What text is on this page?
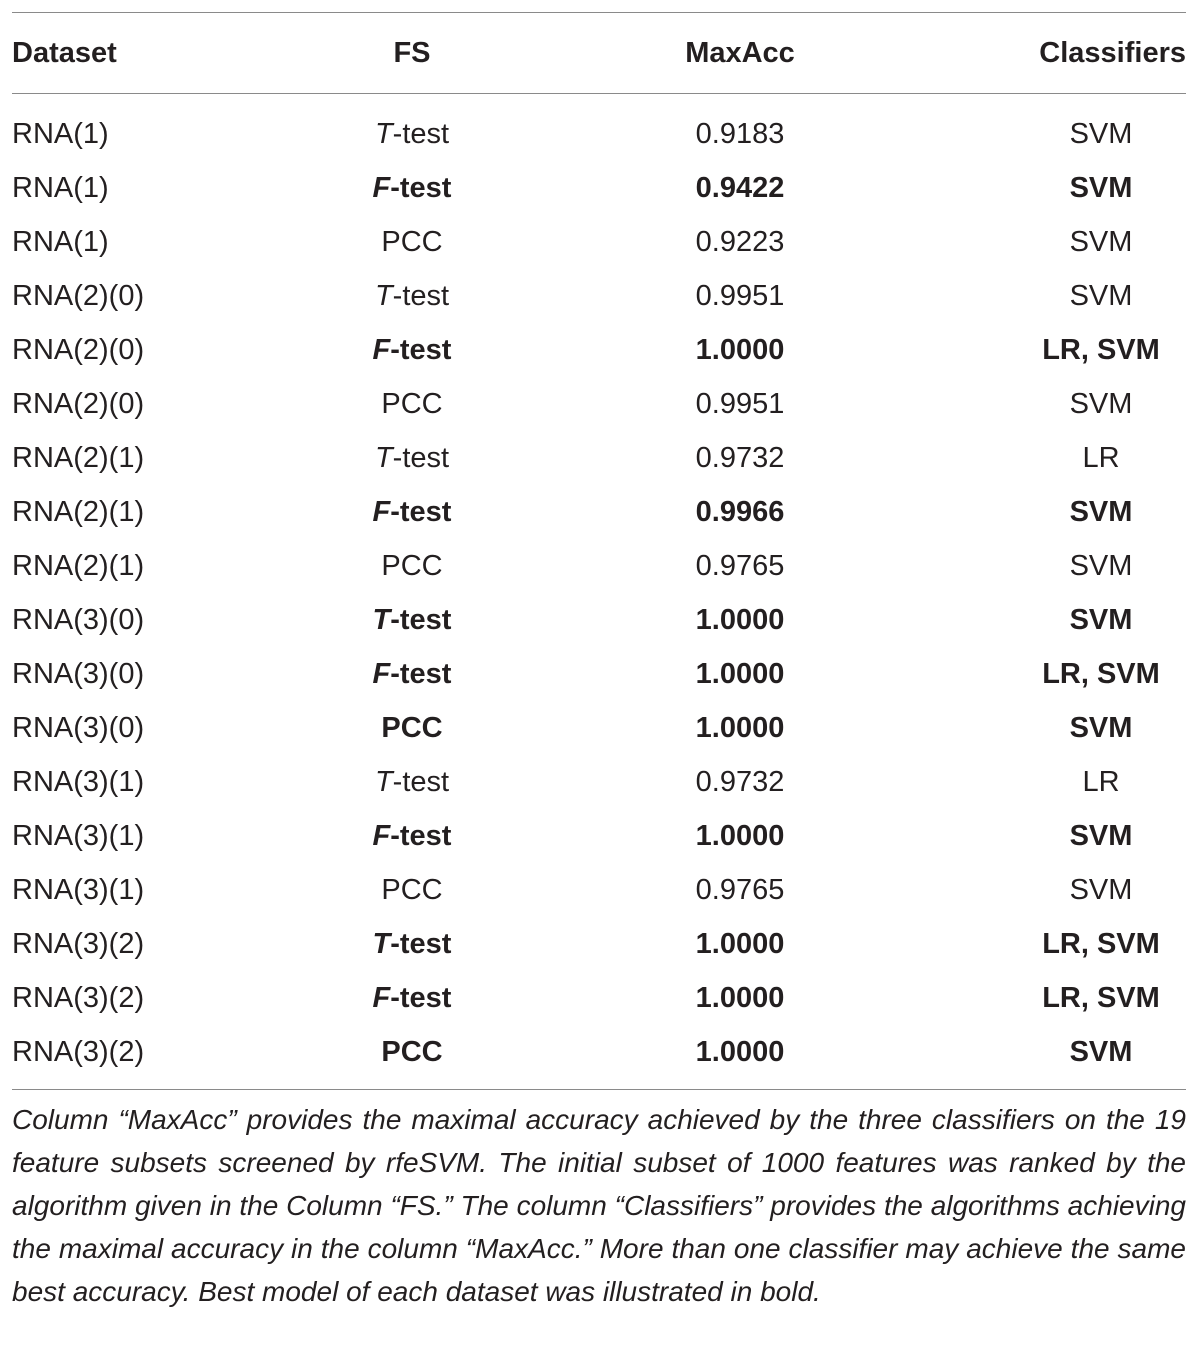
Dataset	FS	MaxAcc	Classifiers
RNA(1)	T-test	0.9183	SVM
RNA(1)	F-test	0.9422	SVM
RNA(1)	PCC	0.9223	SVM
RNA(2)(0)	T-test	0.9951	SVM
RNA(2)(0)	F-test	1.0000	LR, SVM
RNA(2)(0)	PCC	0.9951	SVM
RNA(2)(1)	T-test	0.9732	LR
RNA(2)(1)	F-test	0.9966	SVM
RNA(2)(1)	PCC	0.9765	SVM
RNA(3)(0)	T-test	1.0000	SVM
RNA(3)(0)	F-test	1.0000	LR, SVM
RNA(3)(0)	PCC	1.0000	SVM
RNA(3)(1)	T-test	0.9732	LR
RNA(3)(1)	F-test	1.0000	SVM
RNA(3)(1)	PCC	0.9765	SVM
RNA(3)(2)	T-test	1.0000	LR, SVM
RNA(3)(2)	F-test	1.0000	LR, SVM
RNA(3)(2)	PCC	1.0000	SVM
Column “MaxAcc” provides the maximal accuracy achieved by the three classifiers on the 19 feature subsets screened by rfeSVM. The initial subset of 1000 features was ranked by the algorithm given in the Column “FS.” The column “Classifiers” provides the algorithms achieving the maximal accuracy in the column “MaxAcc.” More than one classifier may achieve the same best accuracy. Best model of each dataset was illustrated in bold.
